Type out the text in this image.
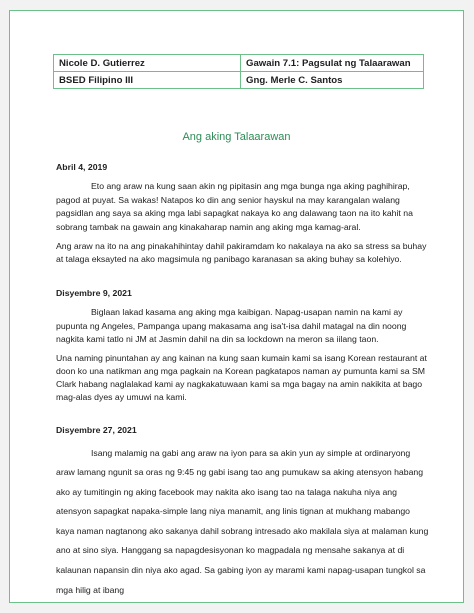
Nicole D. Gutierrez	Gawain 7.1: Pagsulat ng Talaarawan
BSED Filipino III	Gng. Merle C. Santos
Ang aking Talaarawan

Abril 4, 2019

Eto ang araw na kung saan akin ng pipitasin ang mga bunga nga aking paghihirap, pagod at puyat. Sa wakas! Natapos ko din ang senior hayskul na may karangalan walang pagsidlan ang saya sa aking mga labi sapagkat nakaya ko ang dalawang taon na ito kahit na sobrang tambak na gawain ang kinakaharap namin ang aking mga kamag-aral.

Ang araw na ito na ang pinakahihintay dahil pakiramdam ko nakalaya na ako sa stress sa buhay at talaga eksayted na ako magsimula ng panibago karanasan sa aking buhay sa kolehiyo.

Disyembre 9, 2021

Biglaan lakad kasama ang aking mga kaibigan. Napag-usapan namin na kami ay pupunta ng Angeles, Pampanga upang makasama ang isa't-isa dahil matagal na din noong nagkita kami tatlo ni JM at Jasmin dahil na din sa lockdown na meron sa iilang taon.

Una naming pinuntahan ay ang kainan na kung saan kumain kami sa isang Korean restaurant at doon ko una natikman ang mga pagkain na Korean pagkatapos naman ay pumunta kami sa SM Clark habang naglalakad kami ay nagkakatuwaan kami sa mga bagay na amin nakikita at bago mag-alas dyes ay umuwi na kami.

Disyembre 27, 2021

Isang malamig na gabi ang araw na iyon para sa akin yun ay simple at ordinaryong araw lamang ngunit sa oras ng 9:45 ng gabi isang tao ang pumukaw sa aking atensyon habang ako ay tumitingin ng aking facebook may nakita ako isang tao na talaga nakuha niya ang atensyon sapagkat napaka-simple lang niya manamit, ang linis tignan at mukhang mabango kaya naman nagtanong ako sakanya dahil sobrang intresado ako makilala siya at malaman kung ano at sino siya. Hanggang sa napagdesisyonan ko magpadala ng mensahe sakanya at di kalaunan napansin din niya ako agad. Sa gabing iyon ay marami kami napag-usapan tungkol sa mga hilig at ibang
